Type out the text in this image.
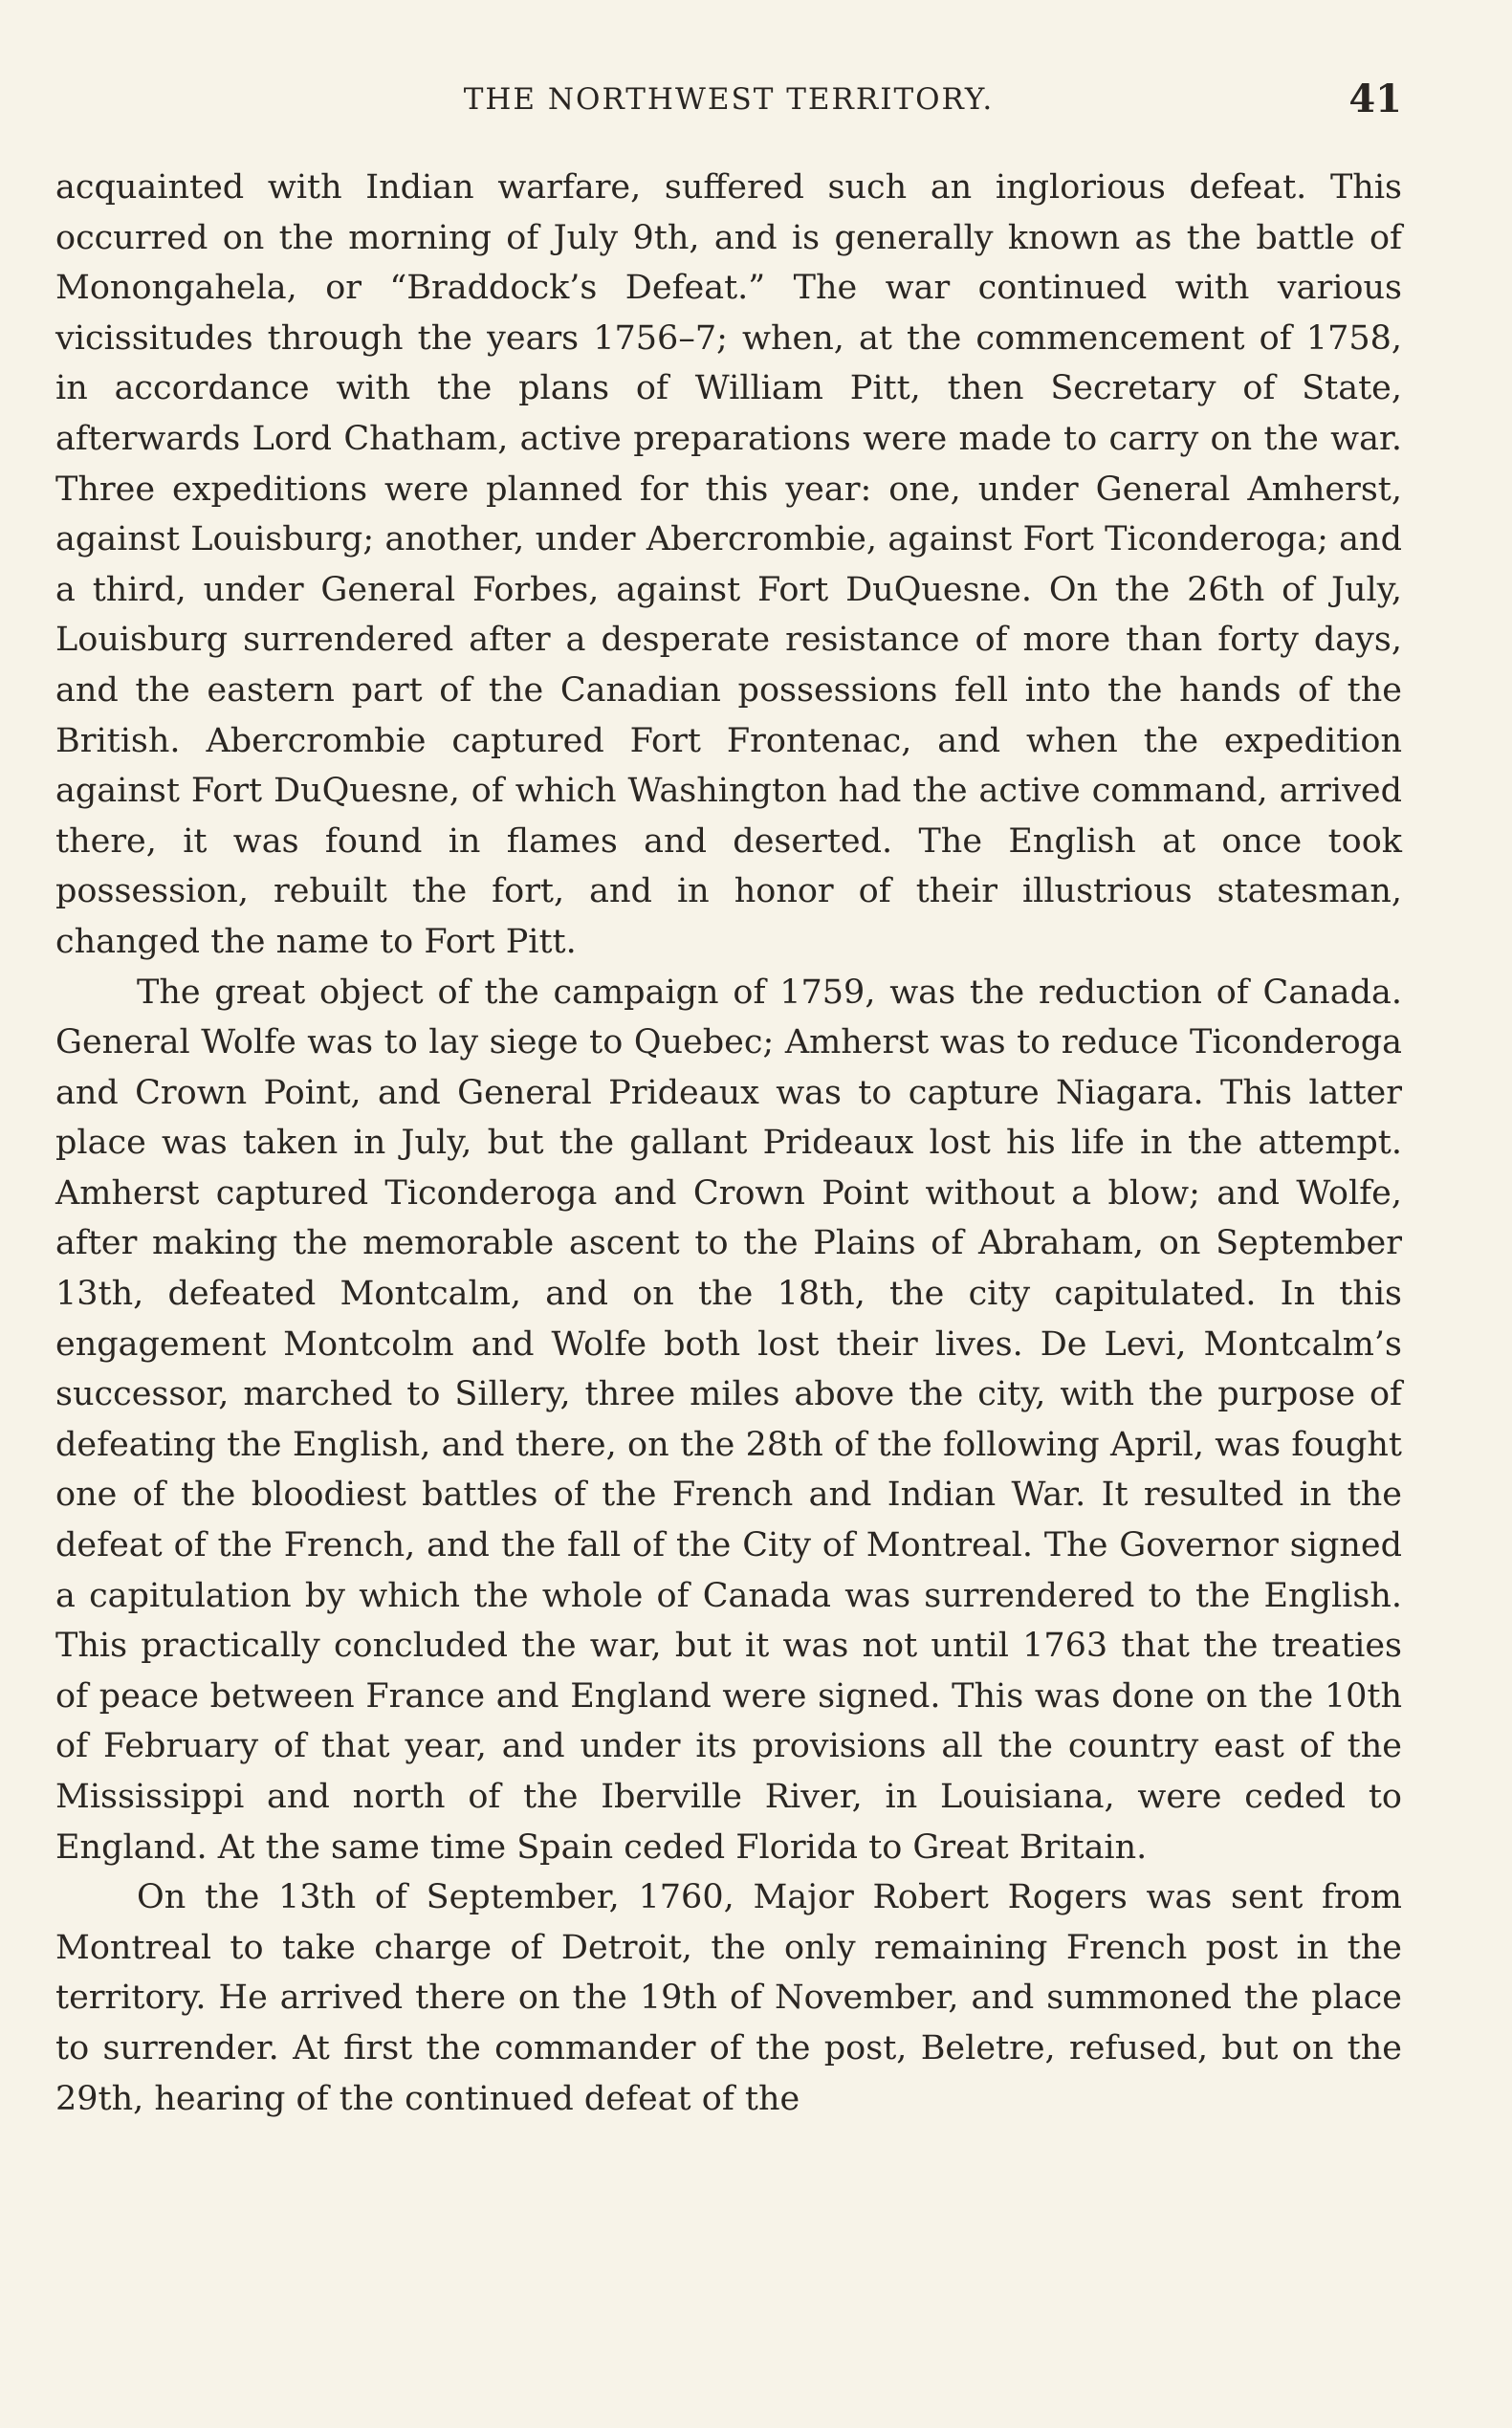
THE NORTHWEST TERRITORY.	41

acquainted with Indian warfare, suffered such an inglorious defeat. This occurred on the morning of July 9th, and is generally known as the battle of Monongahela, or “Braddock’s Defeat.” The war continued with various vicissitudes through the years 1756–7; when, at the commencement of 1758, in accordance with the plans of William Pitt, then Secretary of State, afterwards Lord Chatham, active preparations were made to carry on the war. Three expeditions were planned for this year: one, under General Amherst, against Louisburg; another, under Abercrombie, against Fort Ticonderoga; and a third, under General Forbes, against Fort DuQuesne. On the 26th of July, Louisburg surrendered after a desperate resistance of more than forty days, and the eastern part of the Canadian possessions fell into the hands of the British. Abercrombie captured Fort Frontenac, and when the expedition against Fort DuQuesne, of which Washington had the active command, arrived there, it was found in flames and deserted. The English at once took possession, rebuilt the fort, and in honor of their illustrious statesman, changed the name to Fort Pitt.

The great object of the campaign of 1759, was the reduction of Canada. General Wolfe was to lay siege to Quebec; Amherst was to reduce Ticonderoga and Crown Point, and General Prideaux was to capture Niagara. This latter place was taken in July, but the gallant Prideaux lost his life in the attempt. Amherst captured Ticonderoga and Crown Point without a blow; and Wolfe, after making the memorable ascent to the Plains of Abraham, on September 13th, defeated Montcalm, and on the 18th, the city capitulated. In this engagement Montcolm and Wolfe both lost their lives. De Levi, Montcalm’s successor, marched to Sillery, three miles above the city, with the purpose of defeating the English, and there, on the 28th of the following April, was fought one of the bloodiest battles of the French and Indian War. It resulted in the defeat of the French, and the fall of the City of Montreal. The Governor signed a capitulation by which the whole of Canada was surrendered to the English. This practically concluded the war, but it was not until 1763 that the treaties of peace between France and England were signed. This was done on the 10th of February of that year, and under its provisions all the country east of the Mississippi and north of the Iberville River, in Louisiana, were ceded to England. At the same time Spain ceded Florida to Great Britain.

On the 13th of September, 1760, Major Robert Rogers was sent from Montreal to take charge of Detroit, the only remaining French post in the territory. He arrived there on the 19th of November, and summoned the place to surrender. At first the commander of the post, Beletre, refused, but on the 29th, hearing of the continued defeat of the
